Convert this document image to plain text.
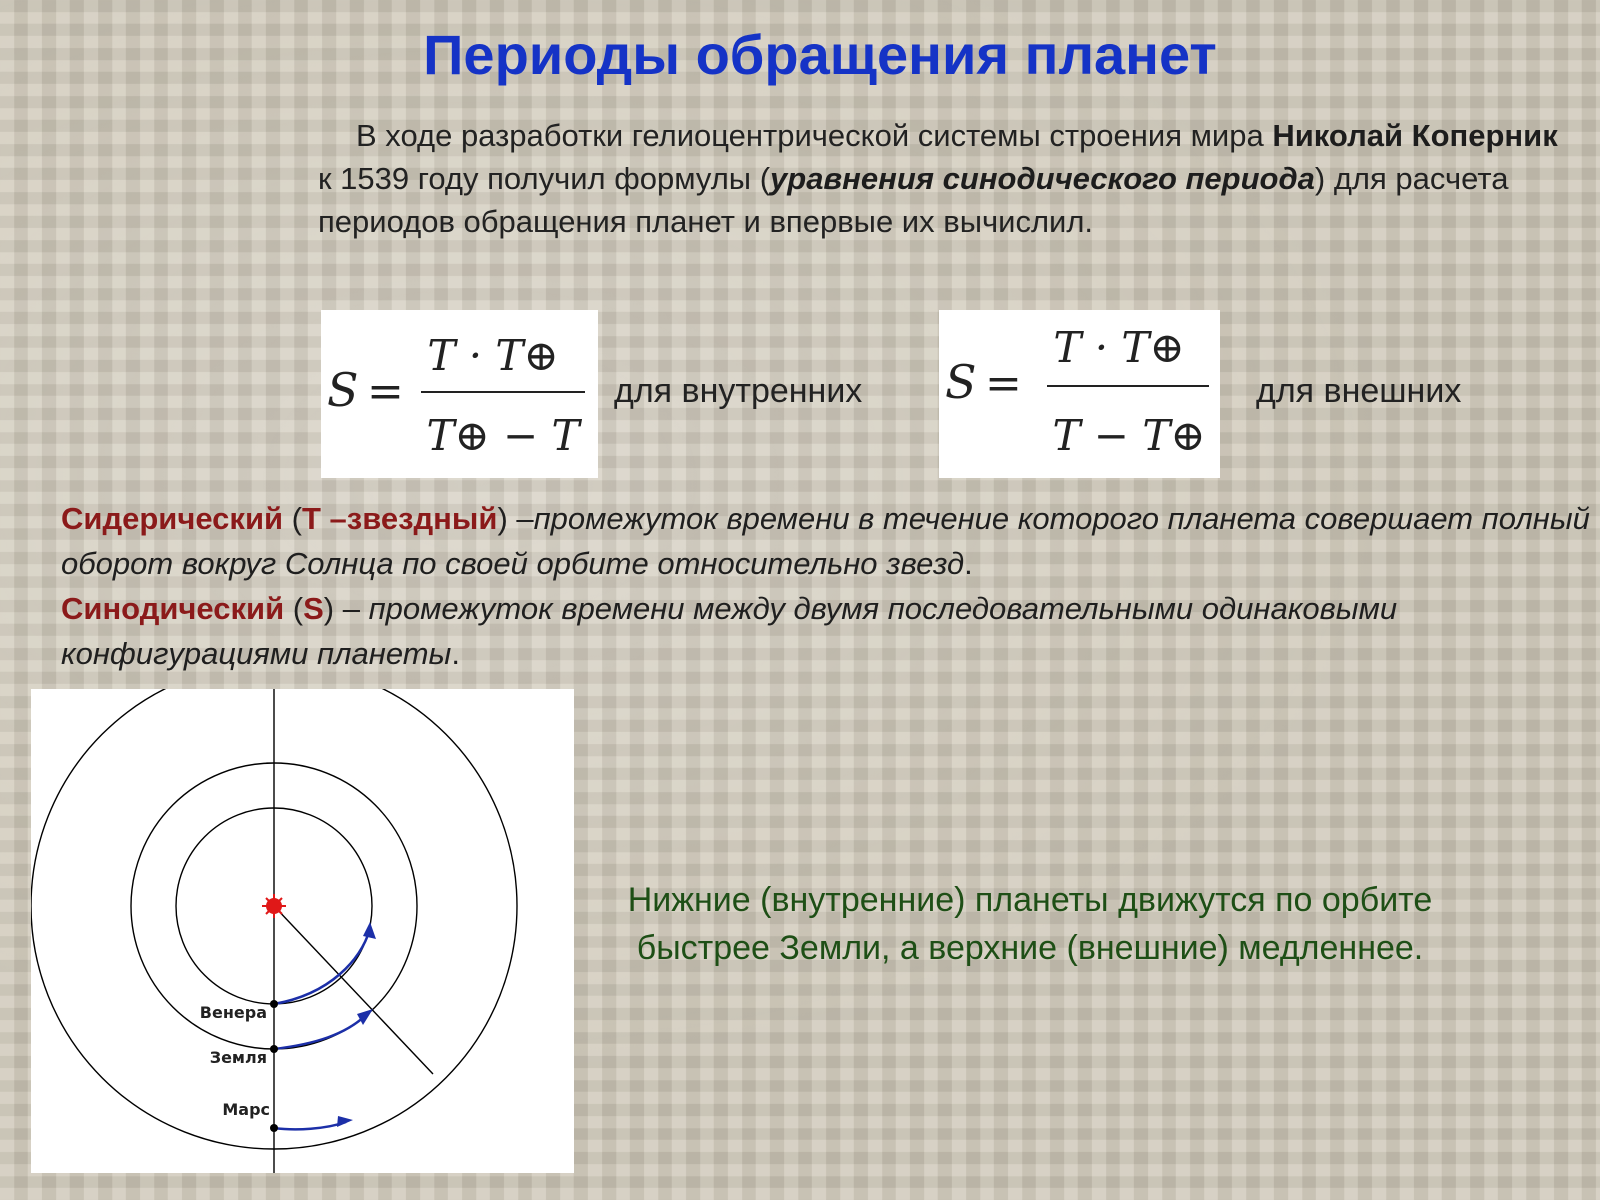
Периоды обращения планет

В ходе разработки гелиоцентрической системы строения мира Николай Коперник к 1539 году получил формулы (уравнения синодического периода) для расчета периодов обращения планет и впервые их вычислил.

S =
T · T⊕
T⊕ − T
для внутренних S =
T · T⊕
T − T⊕
для внешних

Сидерический (Т –звездный) –промежуток времени в течение которого планета совершает полный оборот вокруг Солнца по своей орбите относительно звезд.
Синодический (S) – промежуток времени между двумя последовательными одинаковыми конфигурациями планеты.

Венера
Земля
Марс

Нижние (внутренние) планеты движутся по орбите быстрее Земли, а верхние (внешние) медленнее.
